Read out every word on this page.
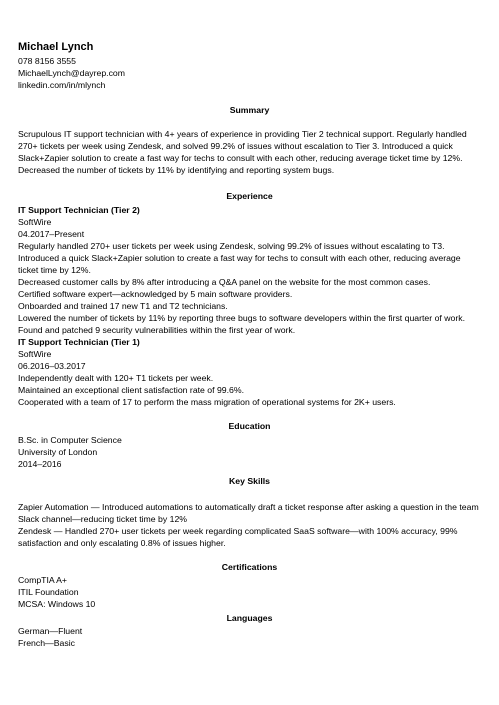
Michael Lynch
078 8156 3555
MichaelLynch@dayrep.com
linkedin.com/in/mlynch
Summary
Scrupulous IT support technician with 4+ years of experience in providing Tier 2 technical support. Regularly handled 270+ tickets per week using Zendesk, and solved 99.2% of issues without escalation to Tier 3. Introduced a quick Slack+Zapier solution to create a fast way for techs to consult with each other, reducing average ticket time by 12%. Decreased the number of tickets by 11% by identifying and reporting system bugs.
Experience
IT Support Technician (Tier 2)
SoftWire
04.2017–Present
Regularly handled 270+ user tickets per week using Zendesk, solving 99.2% of issues without escalating to T3.
Introduced a quick Slack+Zapier solution to create a fast way for techs to consult with each other, reducing average ticket time by 12%.
Decreased customer calls by 8% after introducing a Q&A panel on the website for the most common cases.
Certified software expert—acknowledged by 5 main software providers.
Onboarded and trained 17 new T1 and T2 technicians.
Lowered the number of tickets by 11% by reporting three bugs to software developers within the first quarter of work.
Found and patched 9 security vulnerabilities within the first year of work.
IT Support Technician (Tier 1)
SoftWire
06.2016–03.2017
Independently dealt with 120+ T1 tickets per week.
Maintained an exceptional client satisfaction rate of 99.6%.
Cooperated with a team of 17 to perform the mass migration of operational systems for 2K+ users.
Education
B.Sc. in Computer Science
University of London
2014–2016
Key Skills
Zapier Automation — Introduced automations to automatically draft a ticket response after asking a question in the team Slack channel—reducing ticket time by 12%
Zendesk — Handled 270+ user tickets per week regarding complicated SaaS software—with 100% accuracy, 99% satisfaction and only escalating 0.8% of issues higher.
Certifications
CompTIA A+
ITIL Foundation
MCSA: Windows 10
Languages
German—Fluent
French—Basic
